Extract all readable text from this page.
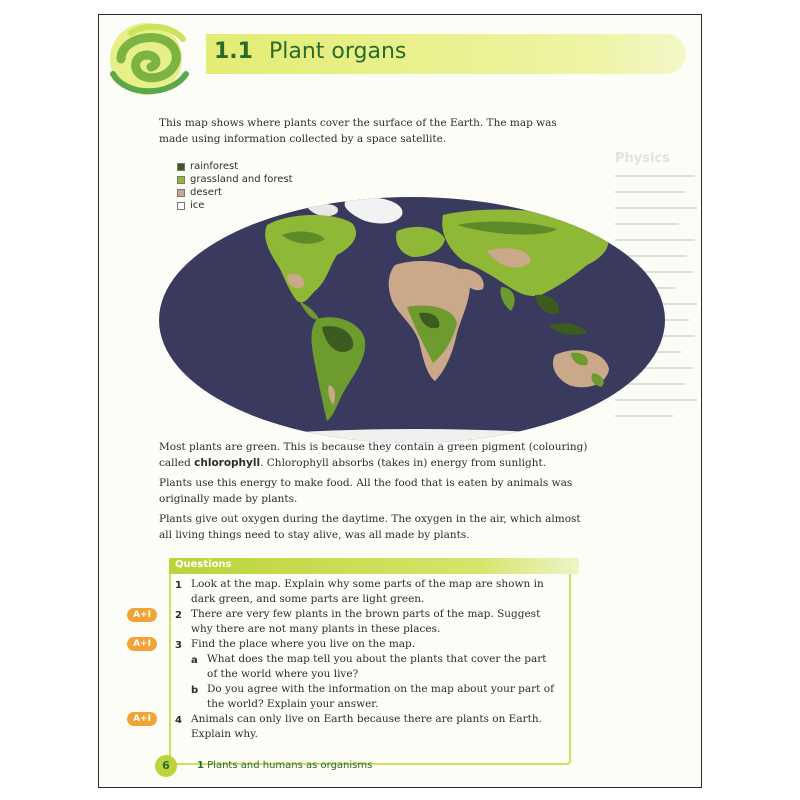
1.1 Plant organs
Physics

This map shows where plants cover the surface of the Earth. The map was made using information collected by a space satellite.

rainforest
grassland and forest
desert
ice

Most plants are green. This is because they contain a green pigment (colouring) called chlorophyll. Chlorophyll absorbs (takes in) energy from sunlight.

Plants use this energy to make food. All the food that is eaten by animals was originally made by plants.

Plants give out oxygen during the daytime. The oxygen in the air, which almost all living things need to stay alive, was all made by plants.

Questions
1 Look at the map. Explain why some parts of the map are shown in dark green, and some parts are light green.
A+I	2 There are very few plants in the brown parts of the map. Suggest why there are not many plants in these places.
A+I	3 Find the place where you live on the map.
a What does the map tell you about the plants that cover the part of the world where you live?
b Do you agree with the information on the map about your part of the world? Explain your answer.
A+I	4 Animals can only live on Earth because there are plants on Earth. Explain why.
6	1 Plants and humans as organisms
